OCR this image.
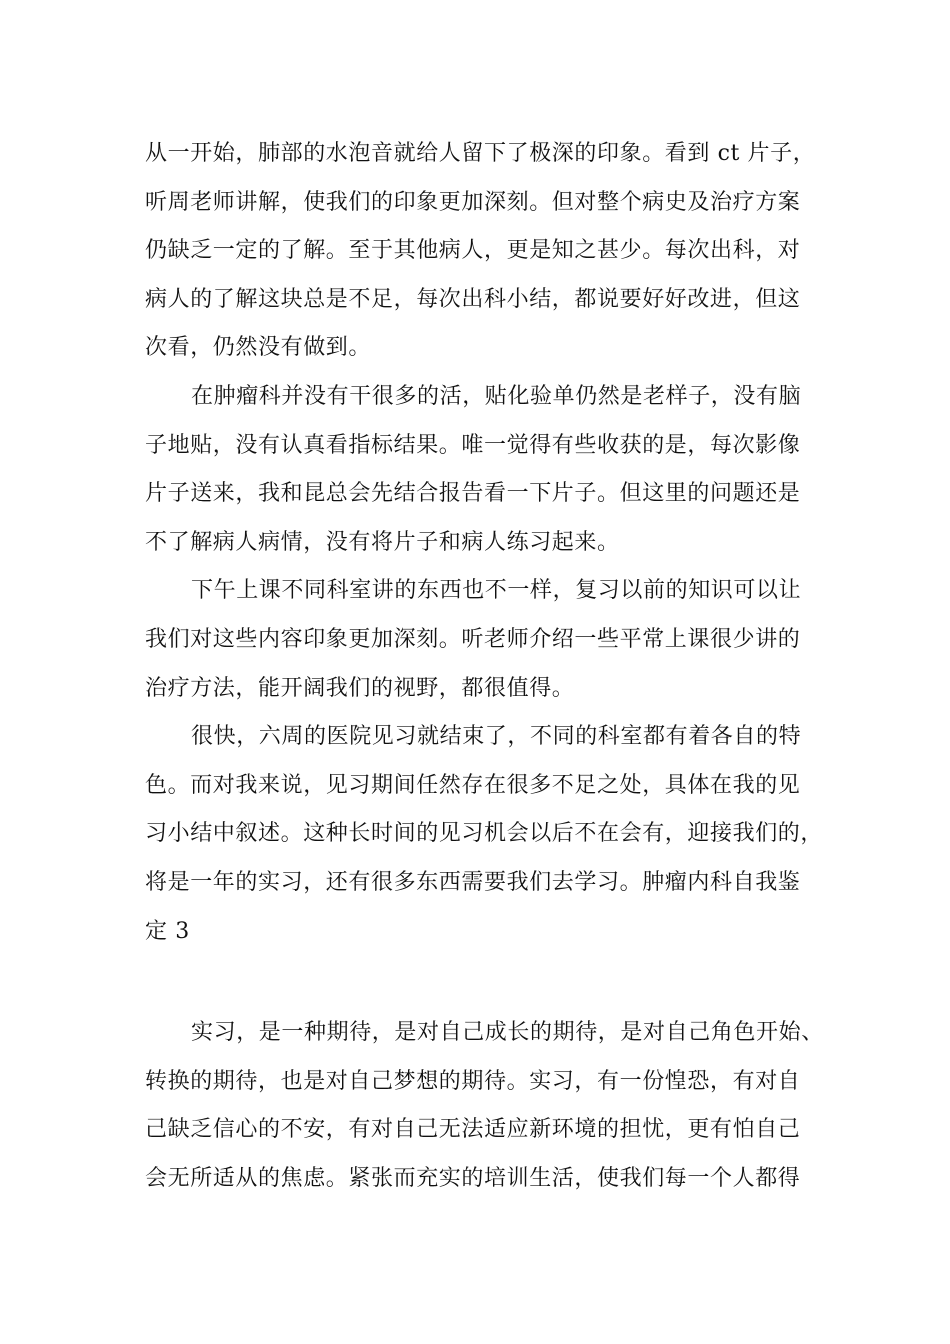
从一开始，肺部的水泡音就给人留下了极深的印象。看到 ct 片子，
听周老师讲解，使我们的印象更加深刻。但对整个病史及治疗方案
仍缺乏一定的了解。至于其他病人，更是知之甚少。每次出科，对
病人的了解这块总是不足，每次出科小结，都说要好好改进，但这
次看，仍然没有做到。
在肿瘤科并没有干很多的活，贴化验单仍然是老样子，没有脑
子地贴，没有认真看指标结果。唯一觉得有些收获的是，每次影像
片子送来，我和昆总会先结合报告看一下片子。但这里的问题还是
不了解病人病情，没有将片子和病人练习起来。
下午上课不同科室讲的东西也不一样，复习以前的知识可以让
我们对这些内容印象更加深刻。听老师介绍一些平常上课很少讲的
治疗方法，能开阔我们的视野，都很值得。
很快，六周的医院见习就结束了，不同的科室都有着各自的特
色。而对我来说，见习期间任然存在很多不足之处，具体在我的见
习小结中叙述。这种长时间的见习机会以后不在会有，迎接我们的，
将是一年的实习，还有很多东西需要我们去学习。肿瘤内科自我鉴
定 3
实习，是一种期待，是对自己成长的期待，是对自己角色开始、
转换的期待，也是对自己梦想的期待。实习，有一份惶恐，有对自
己缺乏信心的不安，有对自己无法适应新环境的担忧，更有怕自己
会无所适从的焦虑。紧张而充实的培训生活，使我们每一个人都得
